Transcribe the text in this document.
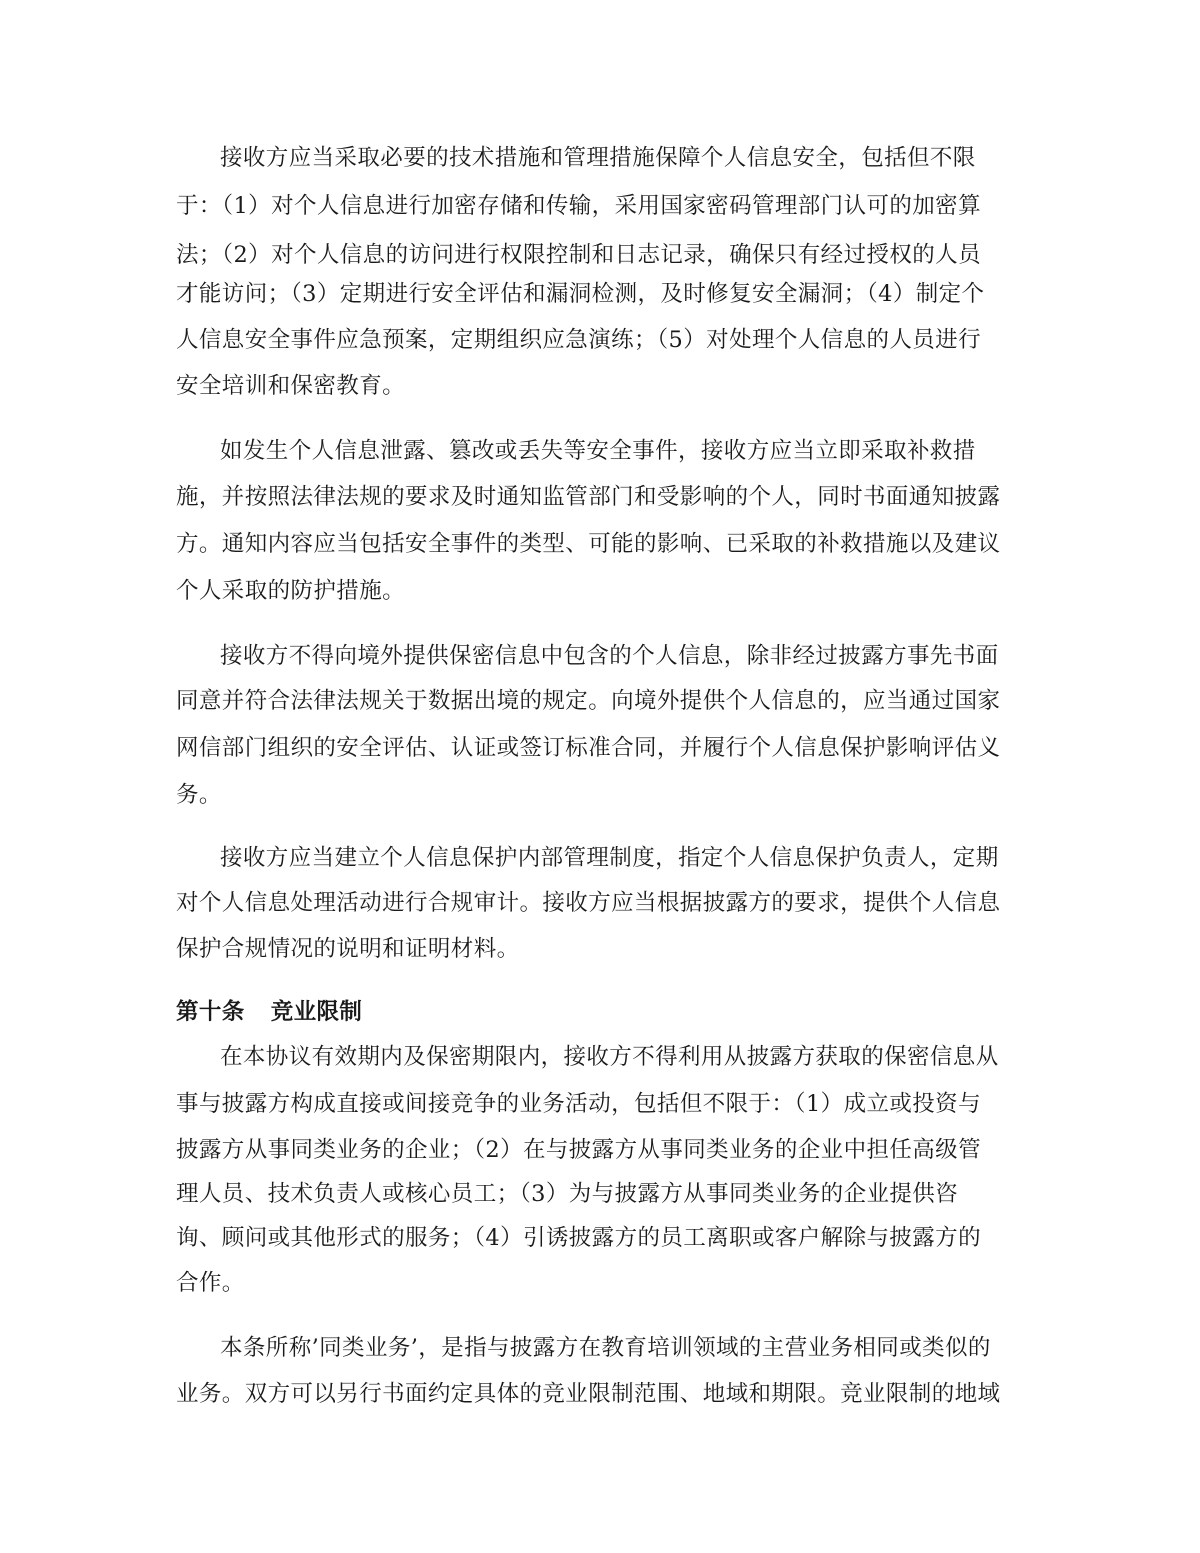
接收方应当采取必要的技术措施和管理措施保障个人信息安全，包括但不限
于：（1）对个人信息进行加密存储和传输，采用国家密码管理部门认可的加密算
法；（2）对个人信息的访问进行权限控制和日志记录，确保只有经过授权的人员
才能访问；（3）定期进行安全评估和漏洞检测，及时修复安全漏洞；（4）制定个
人信息安全事件应急预案，定期组织应急演练；（5）对处理个人信息的人员进行
安全培训和保密教育。
如发生个人信息泄露、篡改或丢失等安全事件，接收方应当立即采取补救措
施，并按照法律法规的要求及时通知监管部门和受影响的个人，同时书面通知披露
方。通知内容应当包括安全事件的类型、可能的影响、已采取的补救措施以及建议
个人采取的防护措施。
接收方不得向境外提供保密信息中包含的个人信息，除非经过披露方事先书面
同意并符合法律法规关于数据出境的规定。向境外提供个人信息的，应当通过国家
网信部门组织的安全评估、认证或签订标准合同，并履行个人信息保护影响评估义
务。
接收方应当建立个人信息保护内部管理制度，指定个人信息保护负责人，定期
对个人信息处理活动进行合规审计。接收方应当根据披露方的要求，提供个人信息
保护合规情况的说明和证明材料。
第十条 竞业限制
在本协议有效期内及保密期限内，接收方不得利用从披露方获取的保密信息从
事与披露方构成直接或间接竞争的业务活动，包括但不限于：（1）成立或投资与
披露方从事同类业务的企业；（2）在与披露方从事同类业务的企业中担任高级管
理人员、技术负责人或核心员工；（3）为与披露方从事同类业务的企业提供咨
询、顾问或其他形式的服务；（4）引诱披露方的员工离职或客户解除与披露方的
合作。
本条所称’同类业务’，是指与披露方在教育培训领域的主营业务相同或类似的
业务。双方可以另行书面约定具体的竞业限制范围、地域和期限。竞业限制的地域
